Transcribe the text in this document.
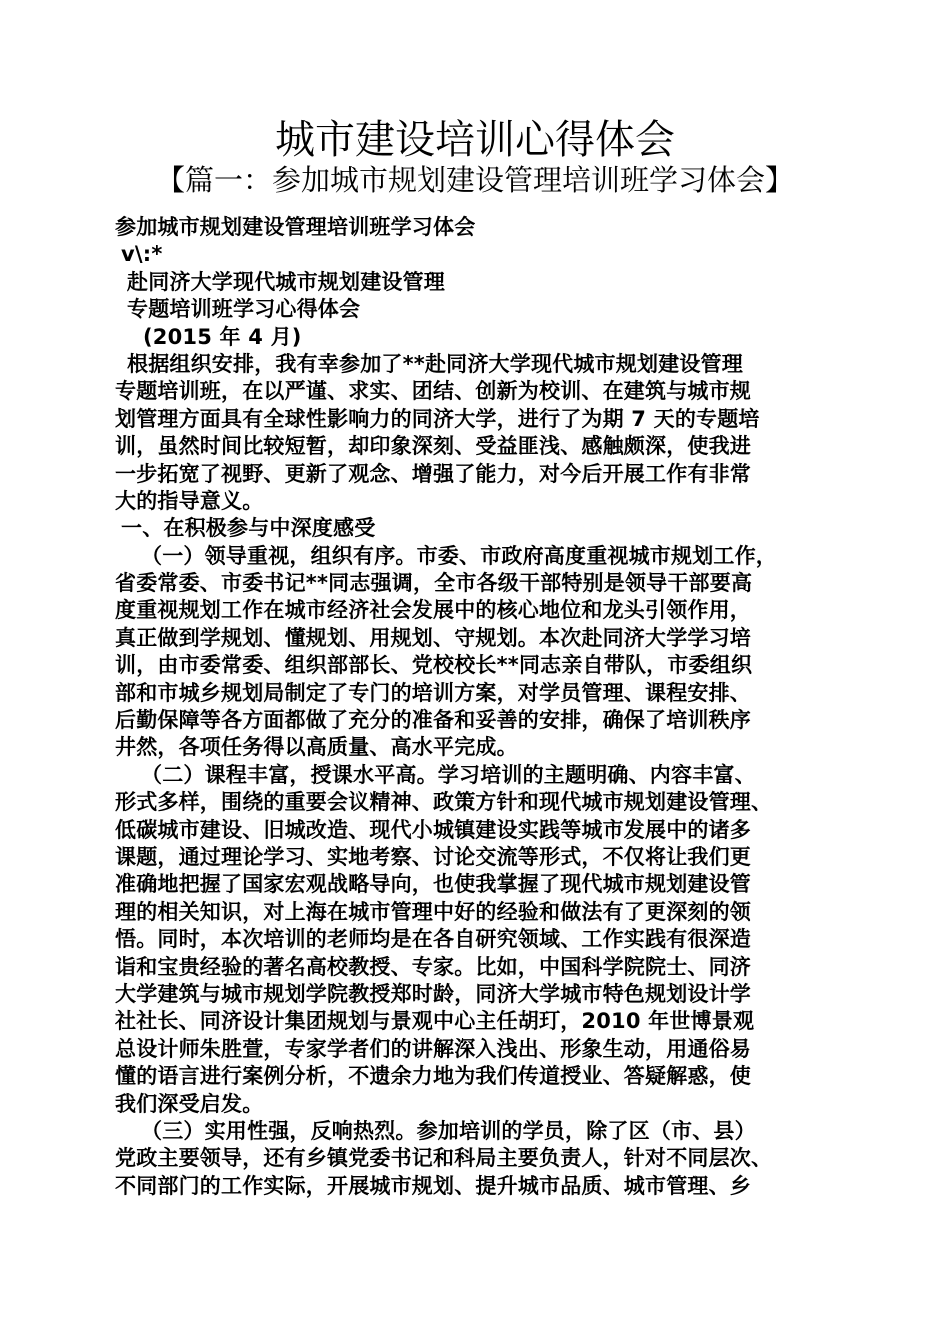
城市建设培训心得体会
【篇一：参加城市规划建设管理培训班学习体会】
参加城市规划建设管理培训班学习体会
v\:*
赴同济大学现代城市规划建设管理
专题培训班学习心得体会
(2015 年 4 月)
根据组织安排，我有幸参加了**赴同济大学现代城市规划建设管理
专题培训班，在以严谨、求实、团结、创新为校训、在建筑与城市规
划管理方面具有全球性影响力的同济大学，进行了为期 7 天的专题培
训，虽然时间比较短暂，却印象深刻、受益匪浅、感触颇深，使我进
一步拓宽了视野、更新了观念、增强了能力，对今后开展工作有非常
大的指导意义。
一、在积极参与中深度感受
（一）领导重视，组织有序。市委、市政府高度重视城市规划工作，
省委常委、市委书记**同志强调，全市各级干部特别是领导干部要高
度重视规划工作在城市经济社会发展中的核心地位和龙头引领作用，
真正做到学规划、懂规划、用规划、守规划。本次赴同济大学学习培
训，由市委常委、组织部部长、党校校长**同志亲自带队，市委组织
部和市城乡规划局制定了专门的培训方案，对学员管理、课程安排、
后勤保障等各方面都做了充分的准备和妥善的安排，确保了培训秩序
井然，各项任务得以高质量、高水平完成。
（二）课程丰富，授课水平高。学习培训的主题明确、内容丰富、
形式多样，围绕的重要会议精神、政策方针和现代城市规划建设管理、
低碳城市建设、旧城改造、现代小城镇建设实践等城市发展中的诸多
课题，通过理论学习、实地考察、讨论交流等形式，不仅将让我们更
准确地把握了国家宏观战略导向，也使我掌握了现代城市规划建设管
理的相关知识，对上海在城市管理中好的经验和做法有了更深刻的领
悟。同时，本次培训的老师均是在各自研究领域、工作实践有很深造
诣和宝贵经验的著名高校教授、专家。比如，中国科学院院士、同济
大学建筑与城市规划学院教授郑时龄，同济大学城市特色规划设计学
社社长、同济设计集团规划与景观中心主任胡玎，2010 年世博景观
总设计师朱胜萱，专家学者们的讲解深入浅出、形象生动，用通俗易
懂的语言进行案例分析，不遗余力地为我们传道授业、答疑解惑，使
我们深受启发。
（三）实用性强，反响热烈。参加培训的学员，除了区（市、县）
党政主要领导，还有乡镇党委书记和科局主要负责人，针对不同层次、
不同部门的工作实际，开展城市规划、提升城市品质、城市管理、乡
